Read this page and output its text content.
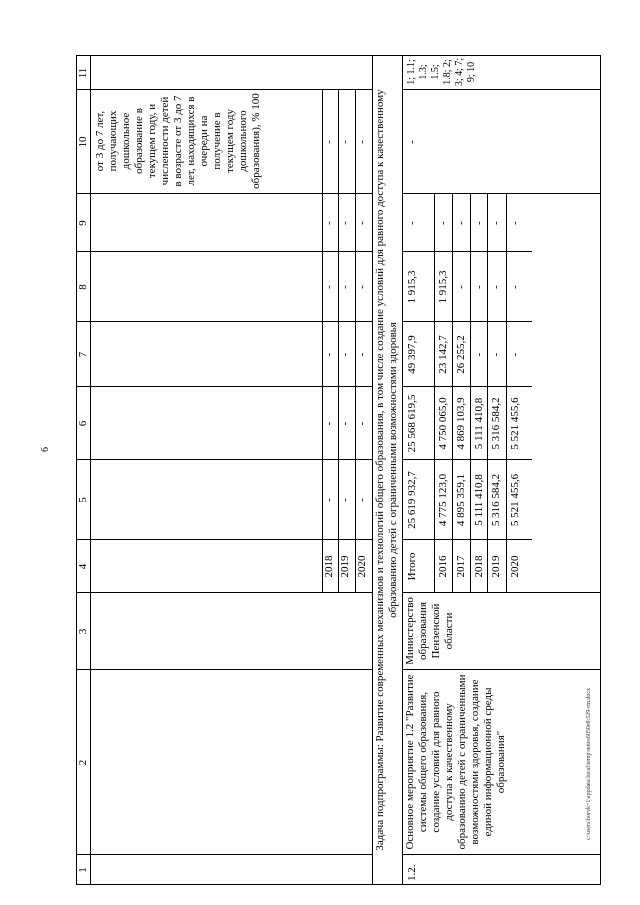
6
1
2
3
4
5
6
7
8
9
10
11
от 3 до 7 лет, получающих дошкольное образование в текущем году, и численности детей в возрасте от 3 до 7 лет, находящихся в очереди на получение в текущем году дошкольного образования), % 100
2018
-
-
-
-
-
-
2019
-
-
-
-
-
-
2020
-
-
-
-
-
- Задача подпрограммы: Развитие современных механизмов и технологий общего образования, в том числе создание условий для равного доступа к качественному образованию детей с ограниченными возможностями здоровья
1.2.
Основное мероприятие 1.2 "Развитие системы общего образования, создание условий для равного доступа к качественному образованию детей с ограниченными возможностями здоровья, создание единой информационной среды образования"
Министерство образования Пензенской области
-
1; 1.1; 1.3; 1.5; 1.8; 2; 3; 4; 7; 9; 10
Итого
25 619 932,7
25 568 619,5
49 397,9
1 915,3
-
2016
4 775 123,0
4 750 065,0
23 142,7
1 915,3
-
2017
4 895 359,1
4 869 103,9
26 255,2
-
-
2018
5 111 410,8
5 111 410,8
-
-
-
2019
5 316 584,2
5 316 584,2
-
-
-
2020
5 521 455,6
5 521 455,6
-
-
-
c:\users\borvk~1\appdata\local\temp\notes6050e8\529-rm.docx
